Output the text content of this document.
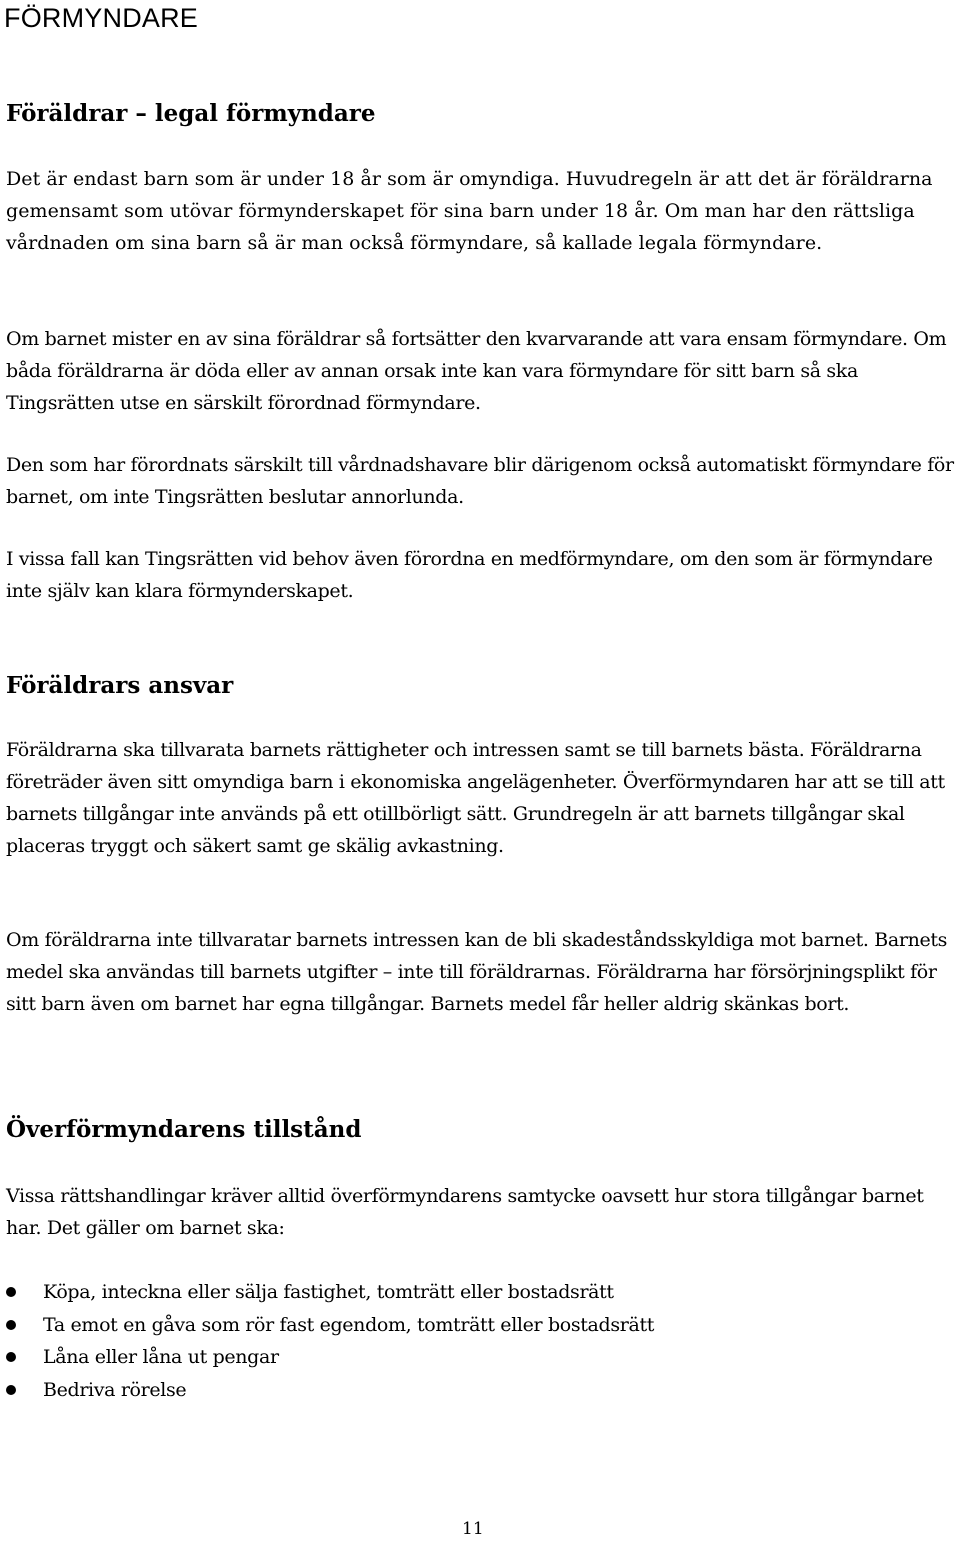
FÖRMYNDARE
Föräldrar – legal förmyndare

Det är endast barn som är under 18 år som är omyndiga. Huvudregeln är att det är föräldrarna gemensamt som utövar förmynderskapet för sina barn under 18 år. Om man har den rättsliga vårdnaden om sina barn så är man också förmyndare, så kallade legala förmyndare.

Om barnet mister en av sina föräldrar så fortsätter den kvarvarande att vara ensam förmyndare. Om båda föräldrarna är döda eller av annan orsak inte kan vara förmyndare för sitt barn så ska Tingsrätten utse en särskilt förordnad förmyndare.

Den som har förordnats särskilt till vårdnadshavare blir därigenom också automatiskt förmyndare för barnet, om inte Tingsrätten beslutar annorlunda.

I vissa fall kan Tingsrätten vid behov även förordna en medförmyndare, om den som är förmyndare inte själv kan klara förmynderskapet.

Föräldrars ansvar

Föräldrarna ska tillvarata barnets rättigheter och intressen samt se till barnets bästa. Föräldrarna företräder även sitt omyndiga barn i ekonomiska angelägenheter. Överförmyndaren har att se till att barnets tillgångar inte används på ett otillbörligt sätt. Grundregeln är att barnets tillgångar skal placeras tryggt och säkert samt ge skälig avkastning.

Om föräldrarna inte tillvaratar barnets intressen kan de bli skadeståndsskyldiga mot barnet. Barnets medel ska användas till barnets utgifter – inte till föräldrarnas. Föräldrarna har försörjningsplikt för sitt barn även om barnet har egna tillgångar. Barnets medel får heller aldrig skänkas bort.

Överförmyndarens tillstånd

Vissa rättshandlingar kräver alltid överförmyndarens samtycke oavsett hur stora tillgångar barnet har. Det gäller om barnet ska:

Köpa, inteckna eller sälja fastighet, tomträtt eller bostadsrätt
Ta emot en gåva som rör fast egendom, tomträtt eller bostadsrätt
Låna eller låna ut pengar
Bedriva rörelse
11
